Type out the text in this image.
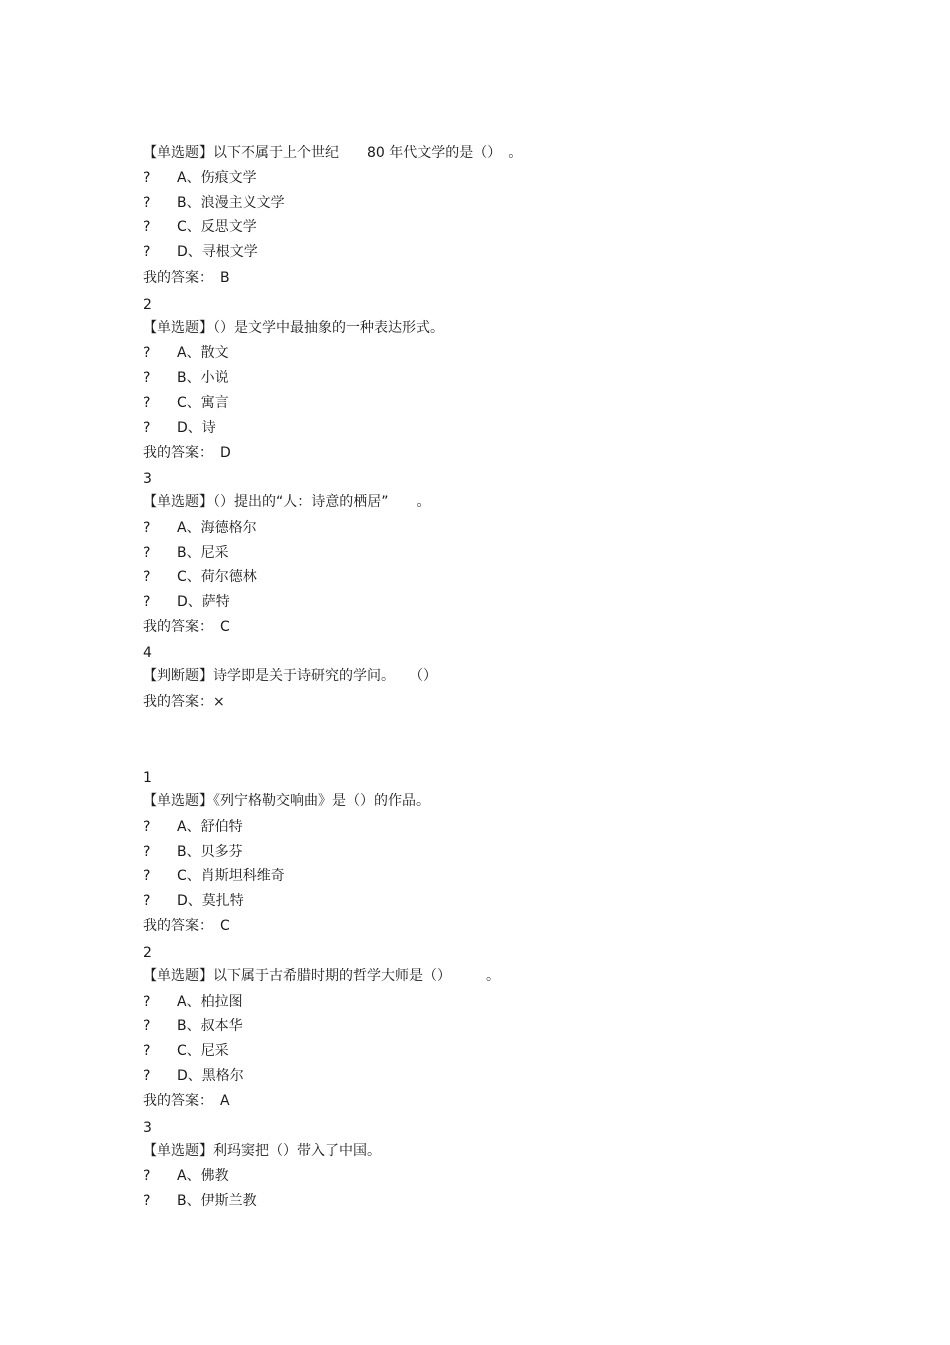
【单选题】以下不属于上个世纪　　80 年代文学的是（）　。
? A、伤痕文学
? B、浪漫主义文学
? C、反思文学
? D、寻根文学
我的答案：　B
2
【单选题】（）是文学中最抽象的一种表达形式。
? A、散文
? B、小说
? C、寓言
? D、诗
我的答案：　D
3
【单选题】（）提出的“人：诗意的栖居”　　。
? A、海德格尔
? B、尼采
? C、荷尔德林
? D、萨特
我的答案：　C
4
【判断题】诗学即是关于诗研究的学问。　　（）
我的答案：×
1
【单选题】《列宁格勒交响曲》是（）的作品。
? A、舒伯特
? B、贝多芬
? C、肖斯坦科维奇
? D、莫扎特
我的答案：　C
2
【单选题】以下属于古希腊时期的哲学大师是（）　　　。
? A、柏拉图
? B、叔本华
? C、尼采
? D、黑格尔
我的答案：　A
3
【单选题】利玛窦把（）带入了中国。
? A、佛教
? B、伊斯兰教
